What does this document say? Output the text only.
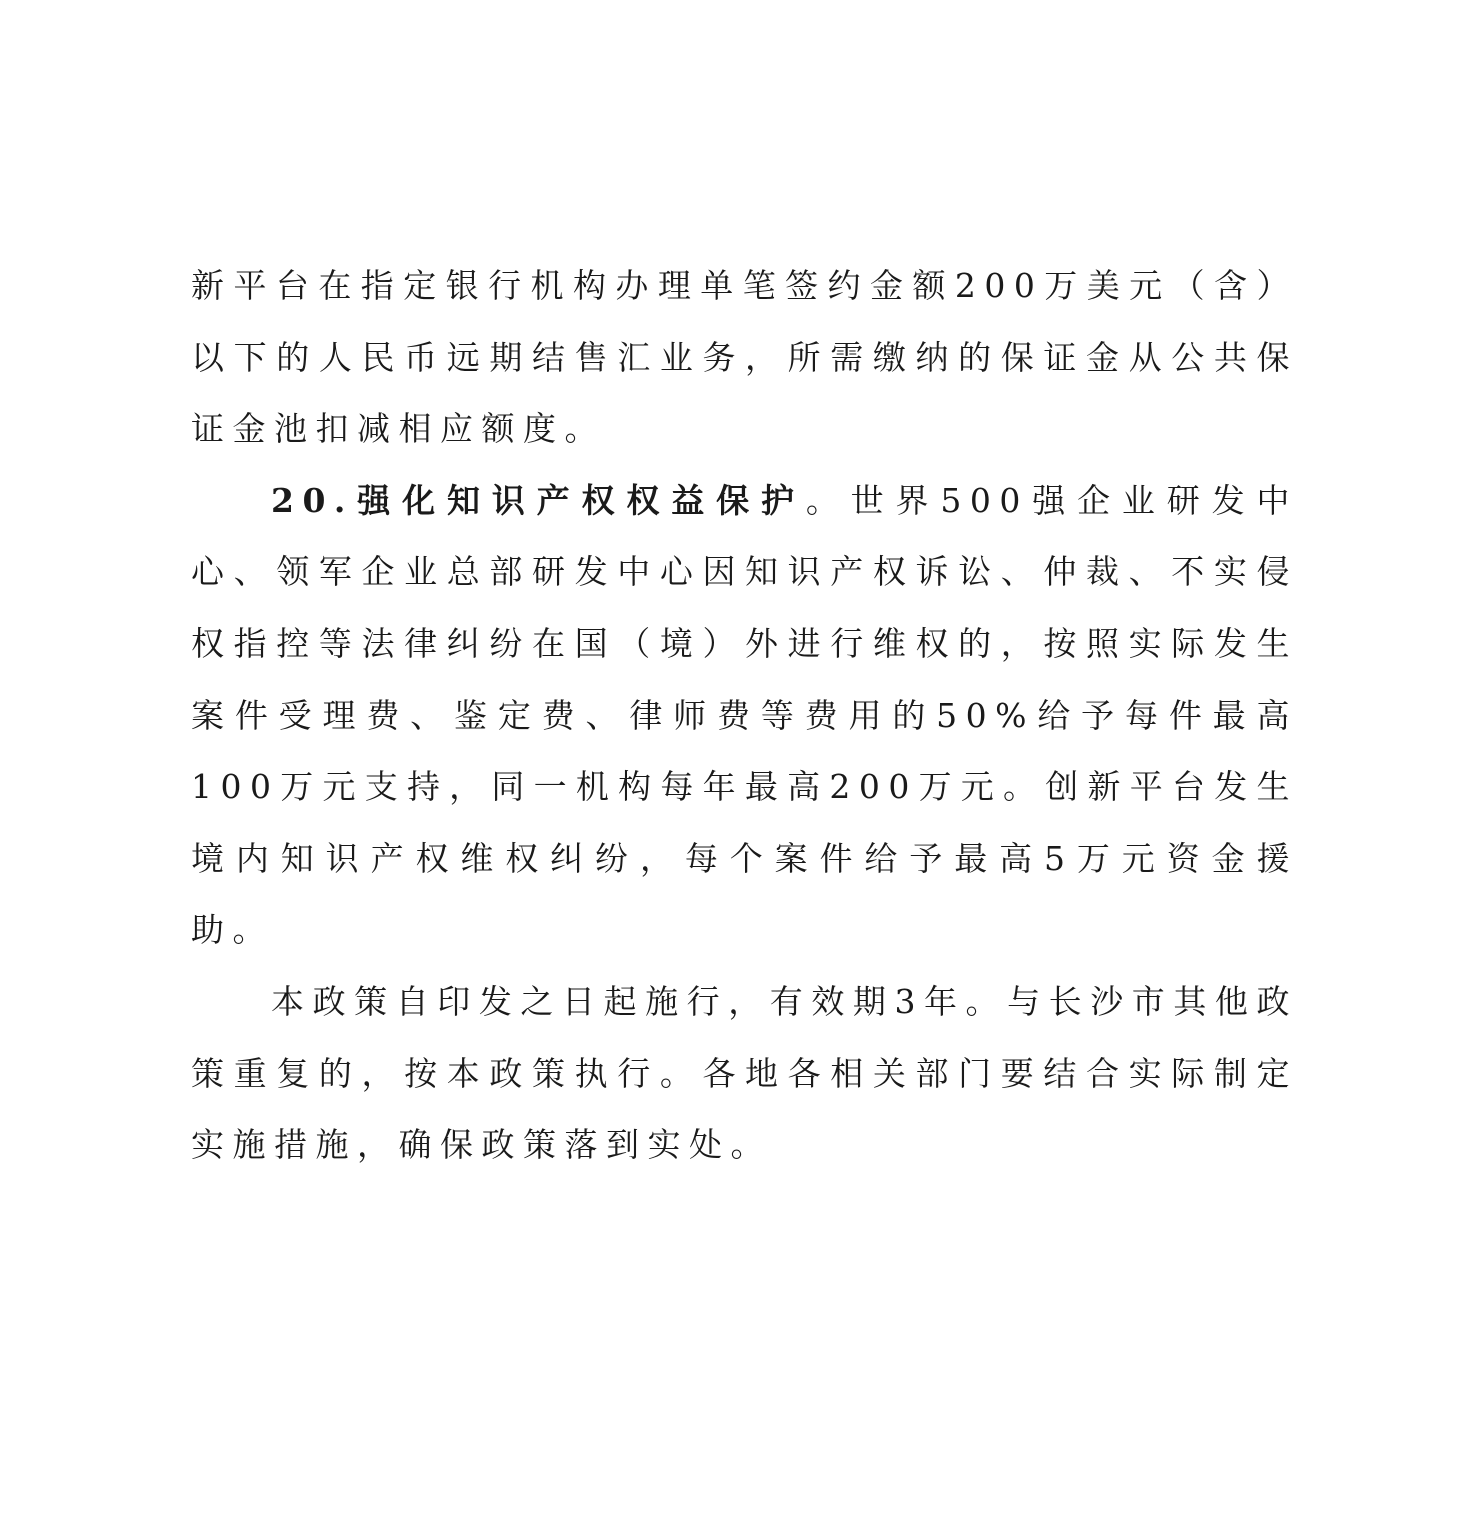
新平台在指定银行机构办理单笔签约金额200万美元（含）以下的人民币远期结售汇业务，所需缴纳的保证金从公共保证金池扣减相应额度。

20.强化知识产权权益保护。世界500强企业研发中心、领军企业总部研发中心因知识产权诉讼、仲裁、不实侵权指控等法律纠纷在国（境）外进行维权的，按照实际发生案件受理费、鉴定费、律师费等费用的50%给予每件最高100万元支持，同一机构每年最高200万元。创新平台发生境内知识产权维权纠纷，每个案件给予最高5万元资金援助。

本政策自印发之日起施行，有效期3年。与长沙市其他政策重复的，按本政策执行。各地各相关部门要结合实际制定实施措施，确保政策落到实处。
